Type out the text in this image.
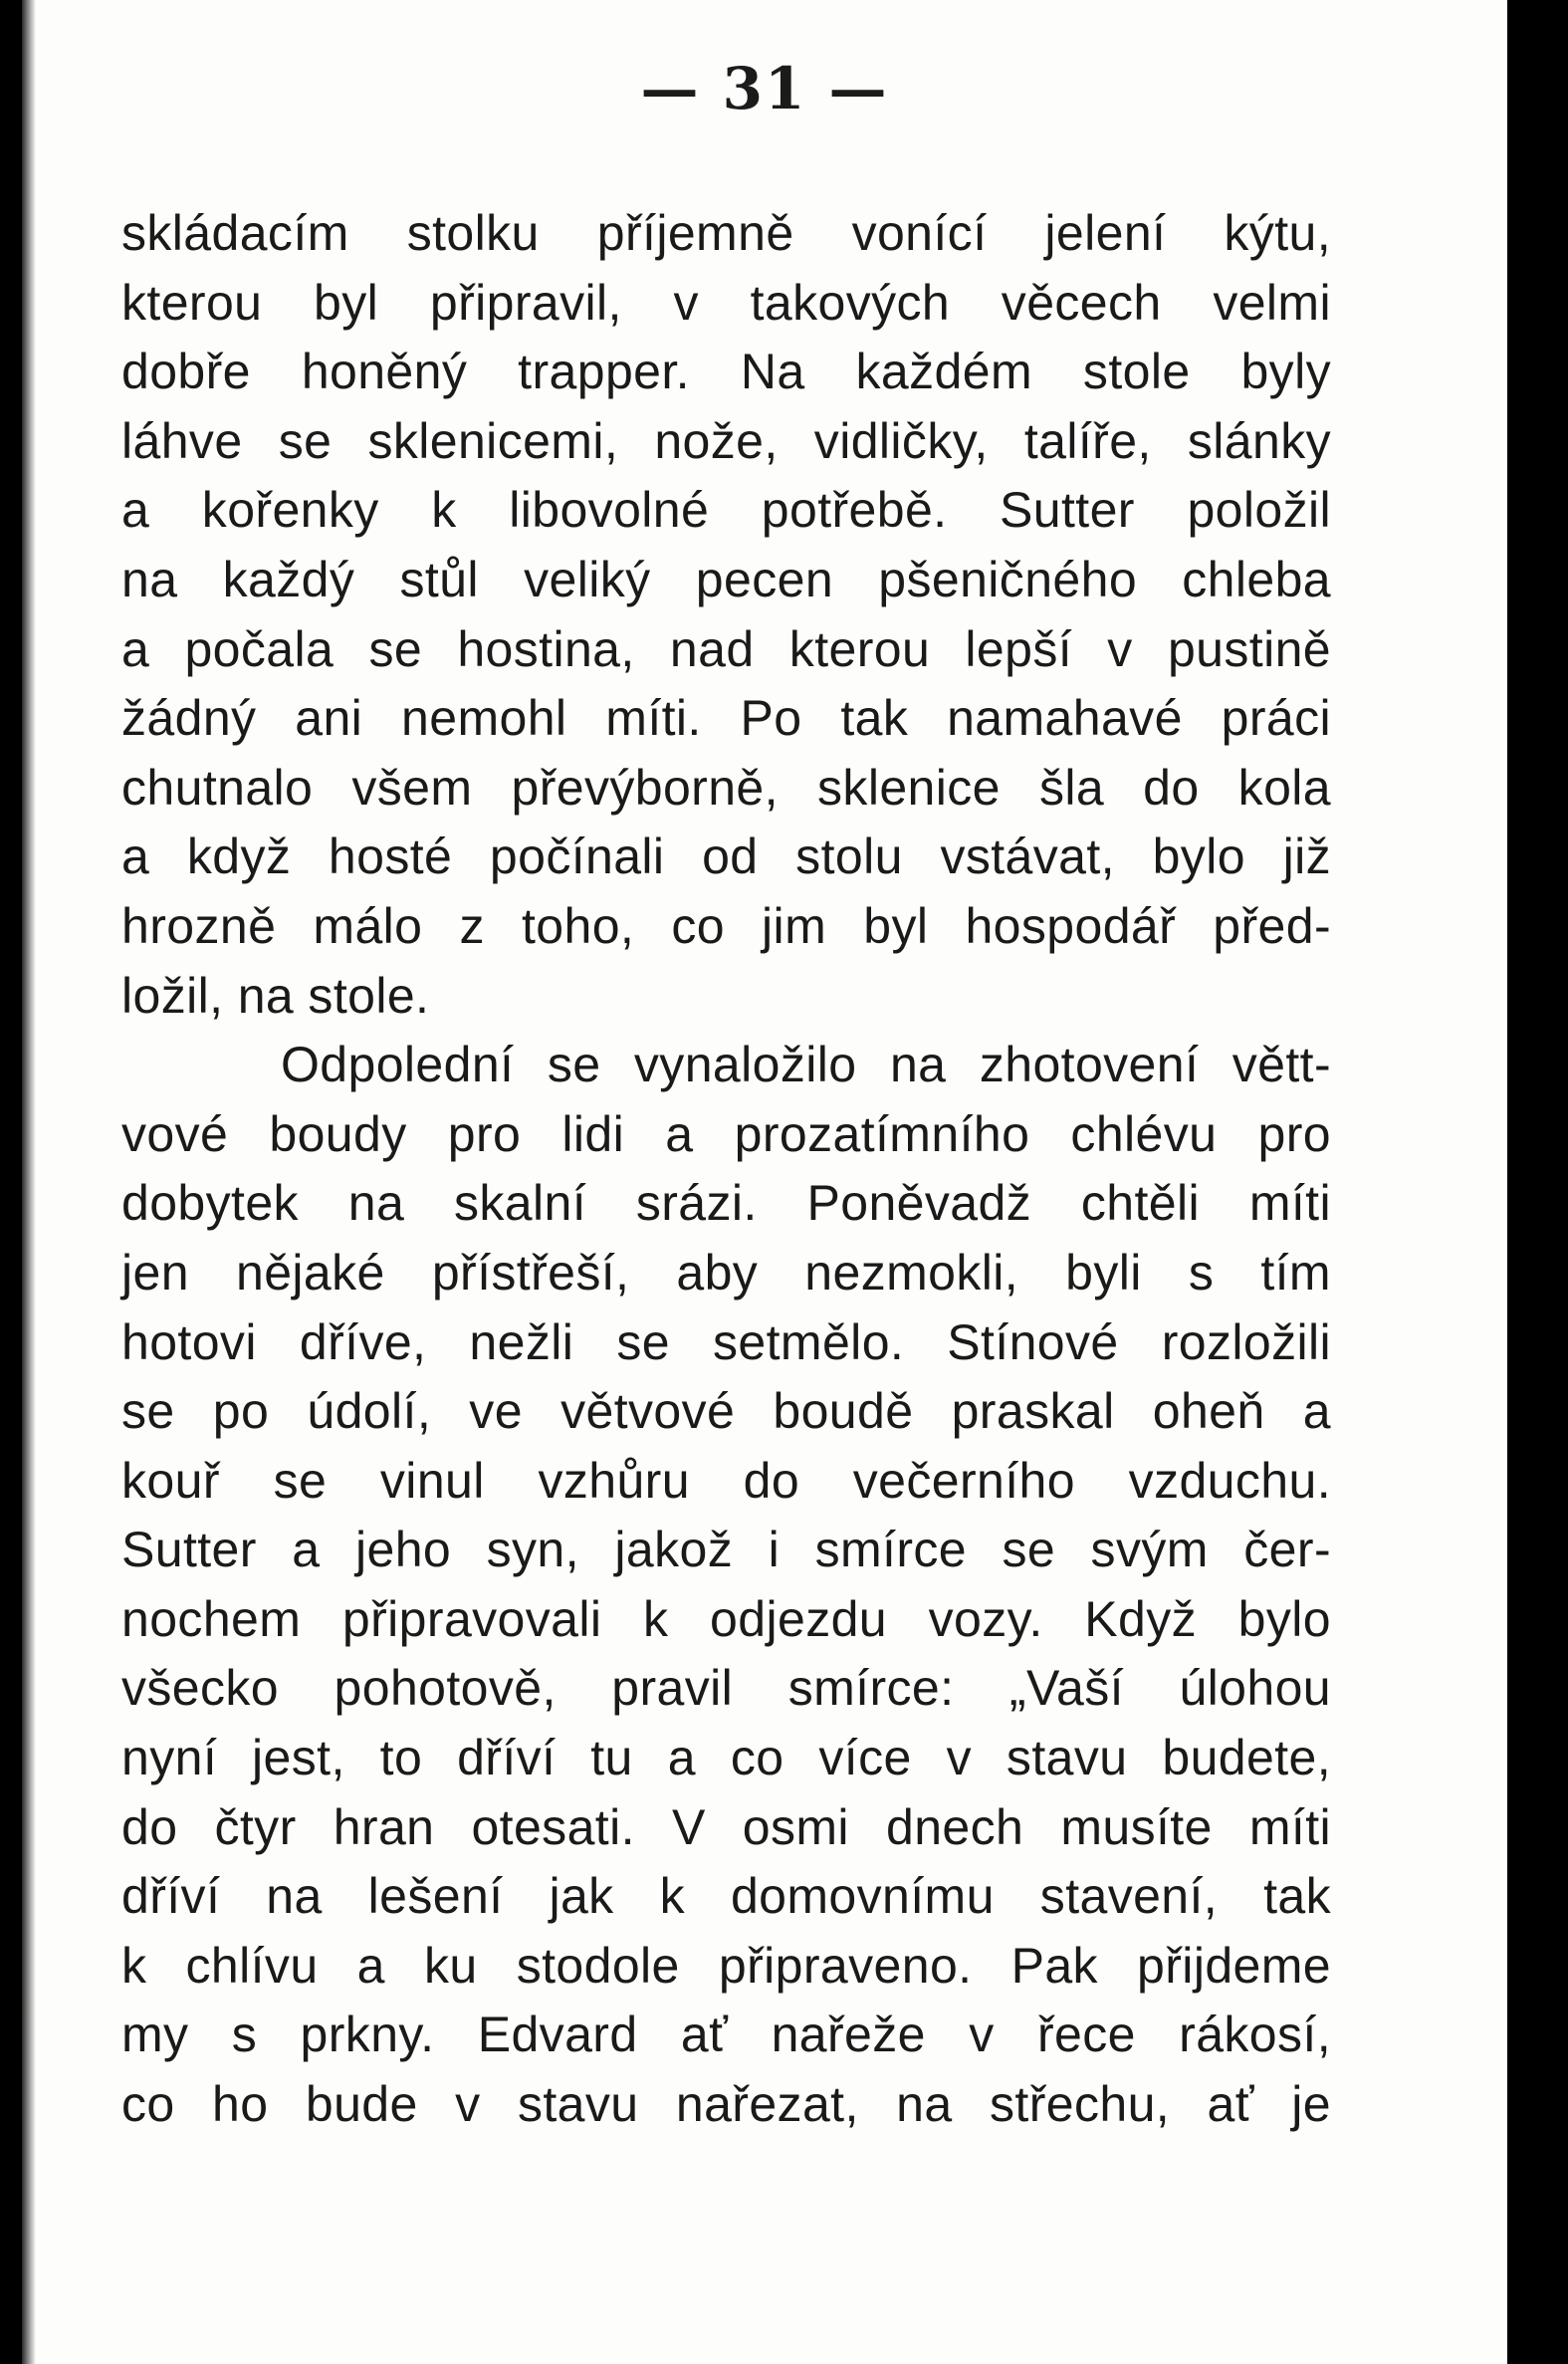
— 31 —
skládacím stolku příjemně vonící jelení kýtu,
kterou byl připravil, v takových věcech velmi
dobře honěný trapper. Na každém stole byly
láhve se sklenicemi, nože, vidličky, talíře, slánky
a kořenky k libovolné potřebě. Sutter položil
na každý stůl veliký pecen pšeničného chleba
a počala se hostina, nad kterou lepší v pustině
žádný ani nemohl míti. Po tak namahavé práci
chutnalo všem převýborně, sklenice šla do kola
a když hosté počínali od stolu vstávat, bylo již
hrozně málo z toho, co jim byl hospodář před-
ložil, na stole.
Odpolední se vynaložilo na zhotovení větt-
vové boudy pro lidi a prozatímního chlévu pro
dobytek na skalní srázi. Poněvadž chtěli míti
jen nějaké přístřeší, aby nezmokli, byli s tím
hotovi dříve, nežli se setmělo. Stínové rozložili
se po údolí, ve větvové boudě praskal oheň a
kouř se vinul vzhůru do večerního vzduchu.
Sutter a jeho syn, jakož i smírce se svým čer-
nochem připravovali k odjezdu vozy. Když bylo
všecko pohotově, pravil smírce: „Vaší úlohou
nyní jest, to dříví tu a co více v stavu budete,
do čtyr hran otesati. V osmi dnech musíte míti
dříví na lešení jak k domovnímu stavení, tak
k chlívu a ku stodole připraveno. Pak přijdeme
my s prkny. Edvard ať nařeže v řece rákosí,
co ho bude v stavu nařezat, na střechu, ať je
